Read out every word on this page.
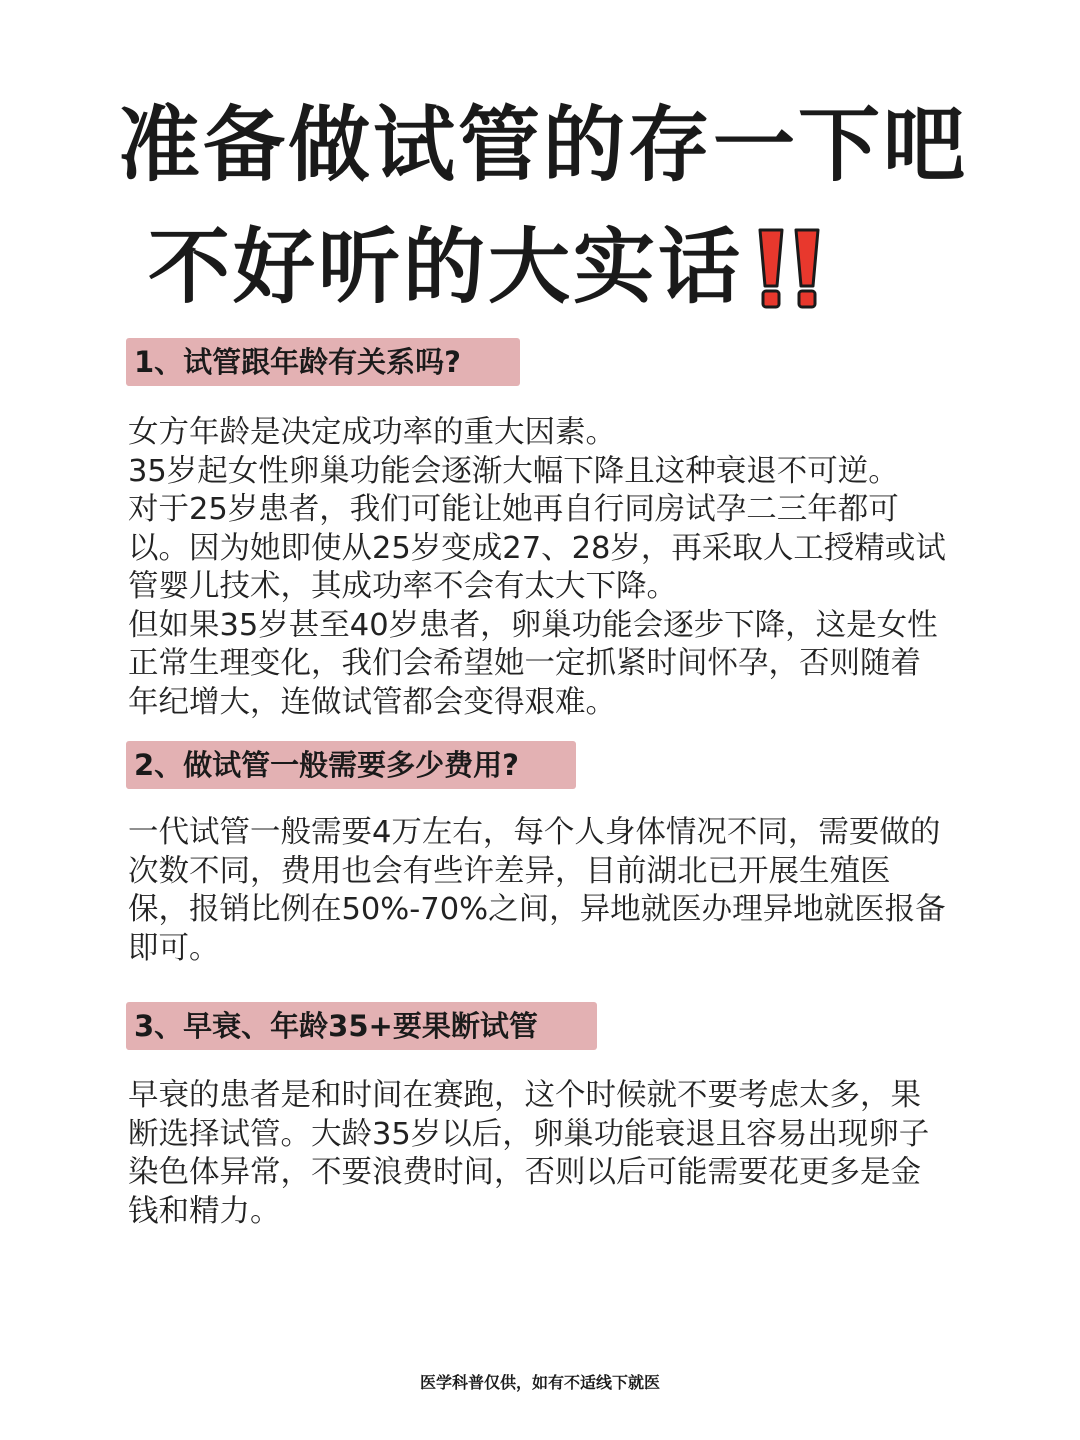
准备做试管的存一下吧
不好听的大实话
1、试管跟年龄有关系吗?

女方年龄是决定成功率的重大因素。

35岁起女性卵巢功能会逐渐大幅下降且这种衰退不可逆。

对于25岁患者，我们可能让她再自行同房试孕二三年都可

以。因为她即使从25岁变成27、28岁，再采取人工授精或试

管婴儿技术，其成功率不会有太大下降。

但如果35岁甚至40岁患者，卵巢功能会逐步下降，这是女性

正常生理变化，我们会希望她一定抓紧时间怀孕，否则随着

年纪增大，连做试管都会变得艰难。

2、做试管一般需要多少费用?

一代试管一般需要4万左右，每个人身体情况不同，需要做的

次数不同，费用也会有些许差异，目前湖北已开展生殖医

保，报销比例在50%-70%之间，异地就医办理异地就医报备

即可。

3、早衰、年龄35+要果断试管

早衰的患者是和时间在赛跑，这个时候就不要考虑太多，果

断选择试管。大龄35岁以后，卵巢功能衰退且容易出现卵子

染色体异常，不要浪费时间，否则以后可能需要花更多是金

钱和精力。

医学科普仅供，如有不适线下就医
